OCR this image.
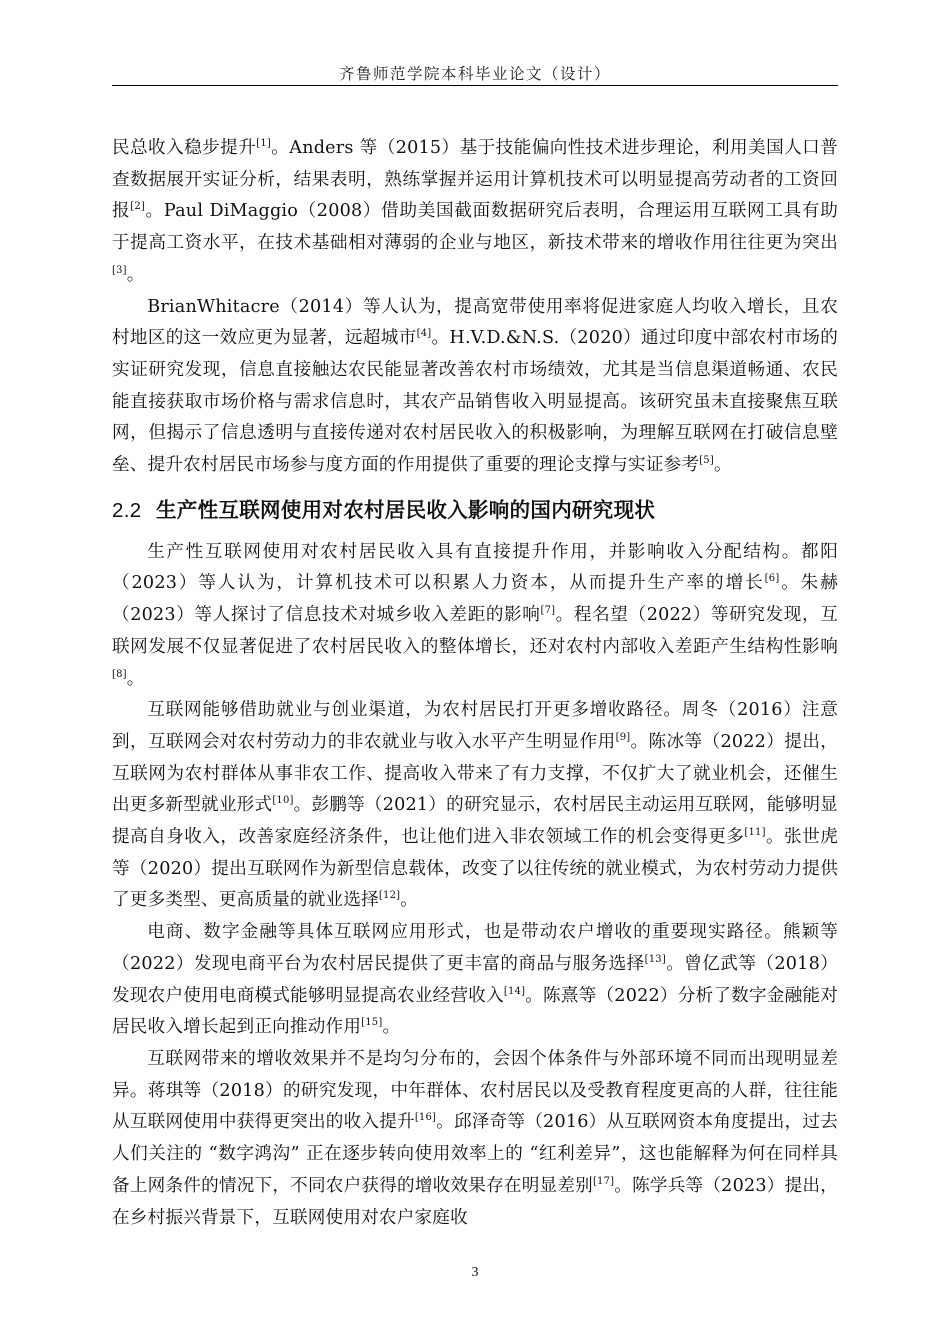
齐鲁师范学院本科毕业论文（设计）

民总收入稳步提升[1]。Anders 等（2015）基于技能偏向性技术进步理论，利用美国人口普查数据展开实证分析，结果表明，熟练掌握并运用计算机技术可以明显提高劳动者的工资回报[2]。Paul DiMaggio（2008）借助美国截面数据研究后表明，合理运用互联网工具有助于提高工资水平，在技术基础相对薄弱的企业与地区，新技术带来的增收作用往往更为突出[3]。

BrianWhitacre（2014）等人认为，提高宽带使用率将促进家庭人均收入增长，且农村地区的这一效应更为显著，远超城市[4]。H.V.D.&N.S.（2020）通过印度中部农村市场的实证研究发现，信息直接触达农民能显著改善农村市场绩效，尤其是当信息渠道畅通、农民能直接获取市场价格与需求信息时，其农产品销售收入明显提高。该研究虽未直接聚焦互联网，但揭示了信息透明与直接传递对农村居民收入的积极影响，为理解互联网在打破信息壁垒、提升农村居民市场参与度方面的作用提供了重要的理论支撑与实证参考[5]。

2.2 生产性互联网使用对农村居民收入影响的国内研究现状

生产性互联网使用对农村居民收入具有直接提升作用，并影响收入分配结构。都阳（2023）等人认为，计算机技术可以积累人力资本，从而提升生产率的增长[6]。朱赫（2023）等人探讨了信息技术对城乡收入差距的影响[7]。程名望（2022）等研究发现，互联网发展不仅显著促进了农村居民收入的整体增长，还对农村内部收入差距产生结构性影响[8]。

互联网能够借助就业与创业渠道，为农村居民打开更多增收路径。周冬（2016）注意到，互联网会对农村劳动力的非农就业与收入水平产生明显作用[9]。陈冰等（2022）提出，互联网为农村群体从事非农工作、提高收入带来了有力支撑，不仅扩大了就业机会，还催生出更多新型就业形式[10]。彭鹏等（2021）的研究显示，农村居民主动运用互联网，能够明显提高自身收入，改善家庭经济条件，也让他们进入非农领域工作的机会变得更多[11]。张世虎等（2020）提出互联网作为新型信息载体，改变了以往传统的就业模式，为农村劳动力提供了更多类型、更高质量的就业选择[12]。

电商、数字金融等具体互联网应用形式，也是带动农户增收的重要现实路径。熊颖等（2022）发现电商平台为农村居民提供了更丰富的商品与服务选择[13]。曾亿武等（2018）发现农户使用电商模式能够明显提高农业经营收入[14]。陈熹等（2022）分析了数字金融能对居民收入增长起到正向推动作用[15]。

互联网带来的增收效果并不是均匀分布的，会因个体条件与外部环境不同而出现明显差异。蒋琪等（2018）的研究发现，中年群体、农村居民以及受教育程度更高的人群，往往能从互联网使用中获得更突出的收入提升[16]。邱泽奇等（2016）从互联网资本角度提出，过去人们关注的 “数字鸿沟” 正在逐步转向使用效率上的 “红利差异”，这也能解释为何在同样具备上网条件的情况下，不同农户获得的增收效果存在明显差别[17]。陈学兵等（2023）提出，在乡村振兴背景下，互联网使用对农户家庭收

3
